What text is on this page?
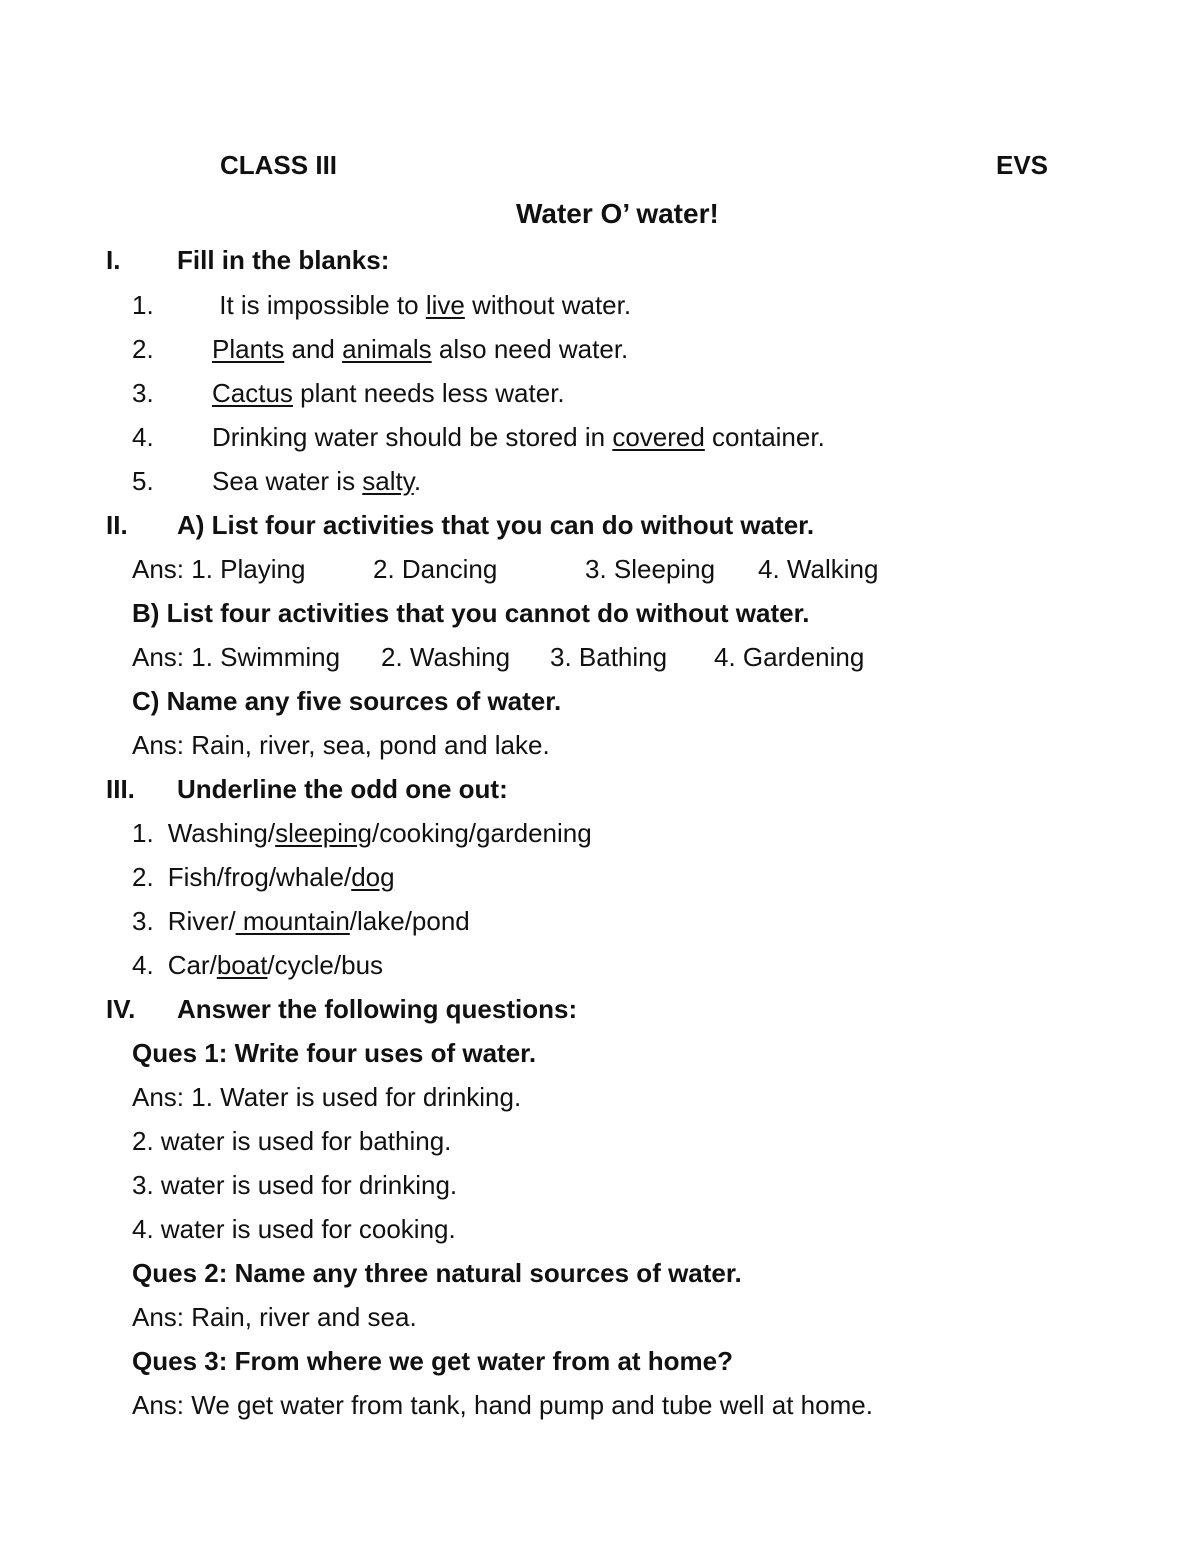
CLASS III	EVS
Water O’ water!
I. Fill in the blanks:
1. It is impossible to live without water.
2. Plants and animals also need water.
3. Cactus plant needs less water.
4. Drinking water should be stored in covered container.
5. Sea water is salty.
II. A) List four activities that you can do without water.
Ans: 1. Playing	2. Dancing	3. Sleeping 4. Walking
B) List four activities that you cannot do without water.
Ans: 1. Swimming 2. Washing 3. Bathing 4. Gardening
C) Name any five sources of water.
Ans: Rain, river, sea, pond and lake.
III. Underline the odd one out:
1. Washing/sleeping/cooking/gardening
2. Fish/frog/whale/dog
3. River/ mountain/lake/pond
4. Car/boat/cycle/bus
IV. Answer the following questions:
Ques 1: Write four uses of water.
Ans: 1. Water is used for drinking.
2. water is used for bathing.
3. water is used for drinking.
4. water is used for cooking.
Ques 2: Name any three natural sources of water.
Ans: Rain, river and sea.
Ques 3: From where we get water from at home?
Ans: We get water from tank, hand pump and tube well at home.
